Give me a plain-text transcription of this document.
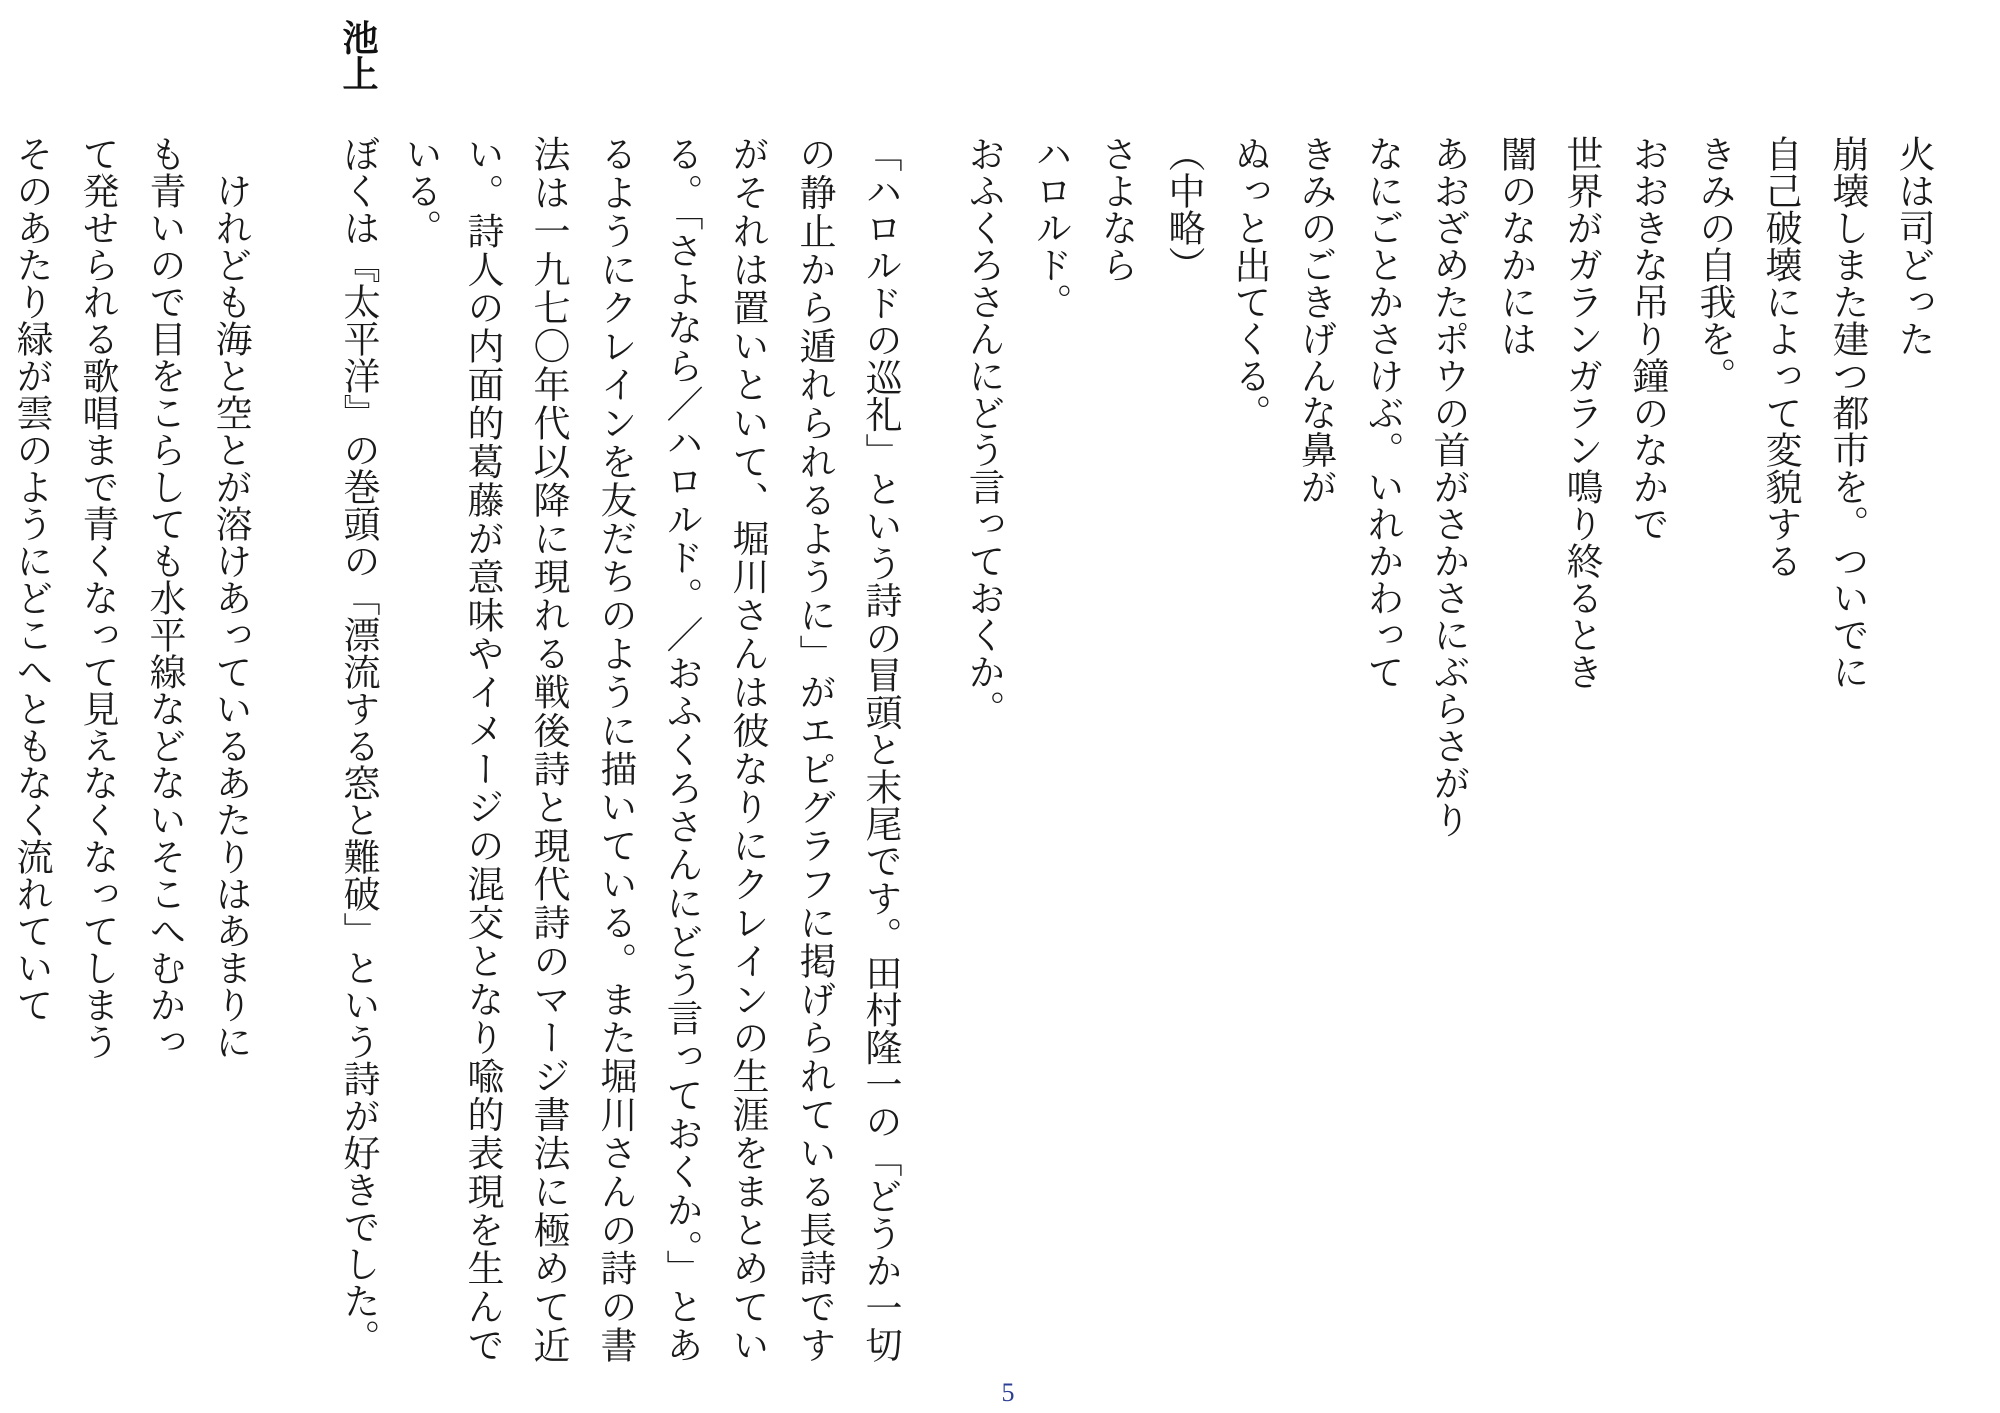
火は司どった
崩壊しまた建つ都市を。ついでに
自己破壊によって変貌する
きみの自我を。
おおきな吊り鐘のなかで
世界がガランガラン鳴り終るとき
闇のなかには
あおざめたポウの首がさかさにぶらさがり
なにごとかさけぶ。いれかわって
きみのごきげんな鼻が
ぬっと出てくる。
（中略）
さよなら
ハロルド。
おふくろさんにどう言っておくか。
「ハロルドの巡礼」という詩の冒頭と末尾です。田村隆一の「どうか一切
の静止から遁れられるように」がエピグラフに掲げられている長詩です
がそれは置いといて、堀川さんは彼なりにクレインの生涯をまとめてい
る。「さよなら／ハロルド。／おふくろさんにどう言っておくか。」とあ
るようにクレインを友だちのように描いている。また堀川さんの詩の書
法は一九七〇年代以降に現れる戦後詩と現代詩のマージ書法に極めて近
い。詩人の内面的葛藤が意味やイメージの混交となり喩的表現を生んで
いる。
池上
ぼくは『太平洋』の巻頭の「漂流する窓と難破」という詩が好きでした。
けれども海と空とが溶けあっているあたりはあまりに
も青いので目をこらしても水平線などないそこへむかっ
て発せられる歌唱まで青くなって見えなくなってしまう
そのあたり緑が雲のようにどこへともなく流れていて
5
